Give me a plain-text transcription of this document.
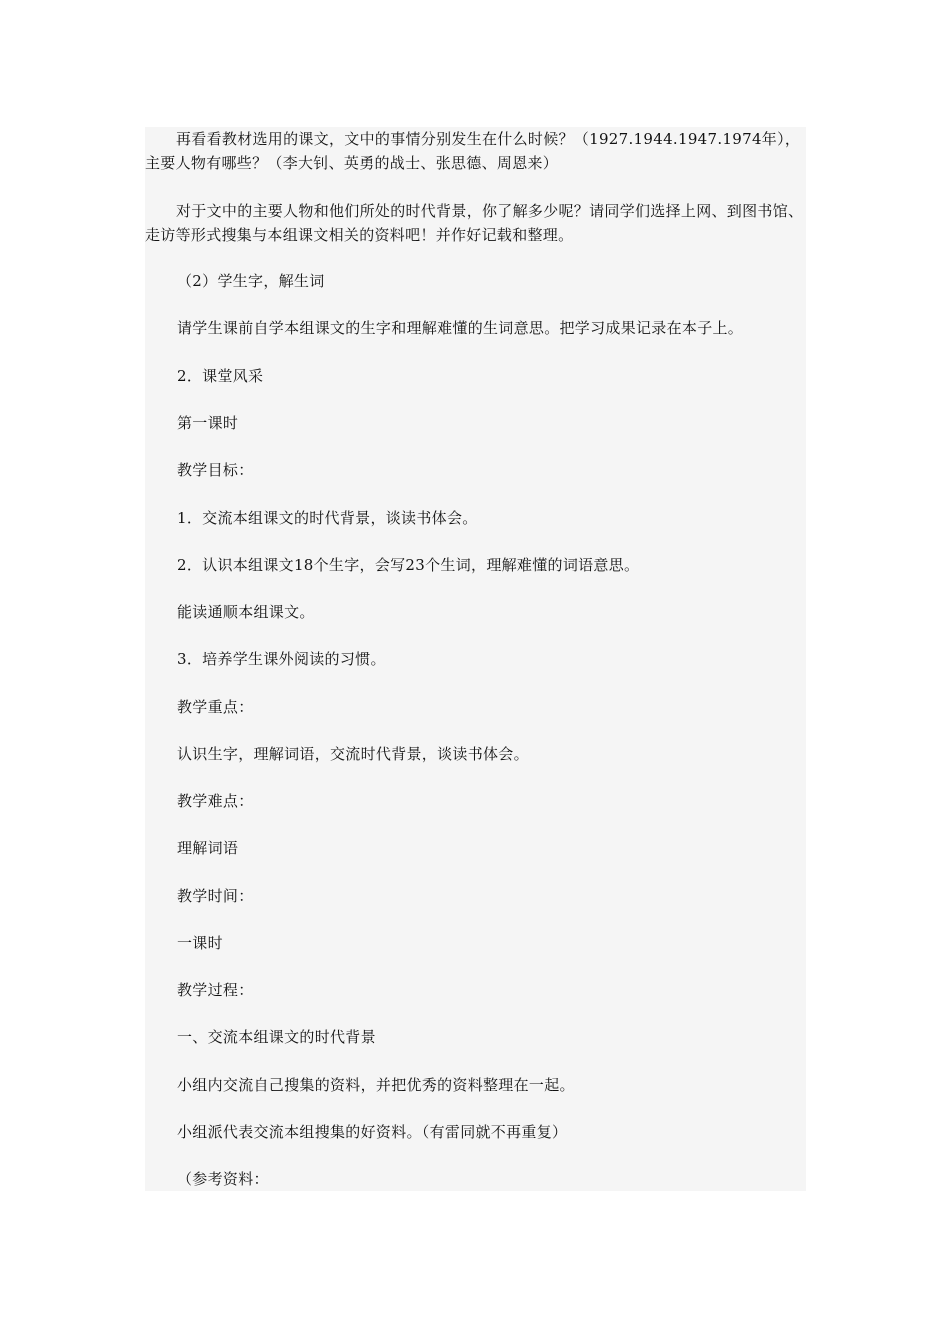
再看看教材选用的课文，文中的事情分别发生在什么时候？（1927.1944.1947.1974年），主要人物有哪些？（李大钊、英勇的战士、张思德、周恩来）
对于文中的主要人物和他们所处的时代背景，你了解多少呢？请同学们选择上网、到图书馆、走访等形式搜集与本组课文相关的资料吧！并作好记载和整理。
（2）学生字，解生词
请学生课前自学本组课文的生字和理解难懂的生词意思。把学习成果记录在本子上。
2．课堂风采
第一课时
教学目标：
1．交流本组课文的时代背景，谈读书体会。
2．认识本组课文18个生字，会写23个生词，理解难懂的词语意思。
能读通顺本组课文。
3．培养学生课外阅读的习惯。
教学重点：
认识生字，理解词语，交流时代背景，谈读书体会。
教学难点：
理解词语
教学时间：
一课时
教学过程：
一、交流本组课文的时代背景
小组内交流自己搜集的资料，并把优秀的资料整理在一起。
小组派代表交流本组搜集的好资料。（有雷同就不再重复）
（参考资料：
